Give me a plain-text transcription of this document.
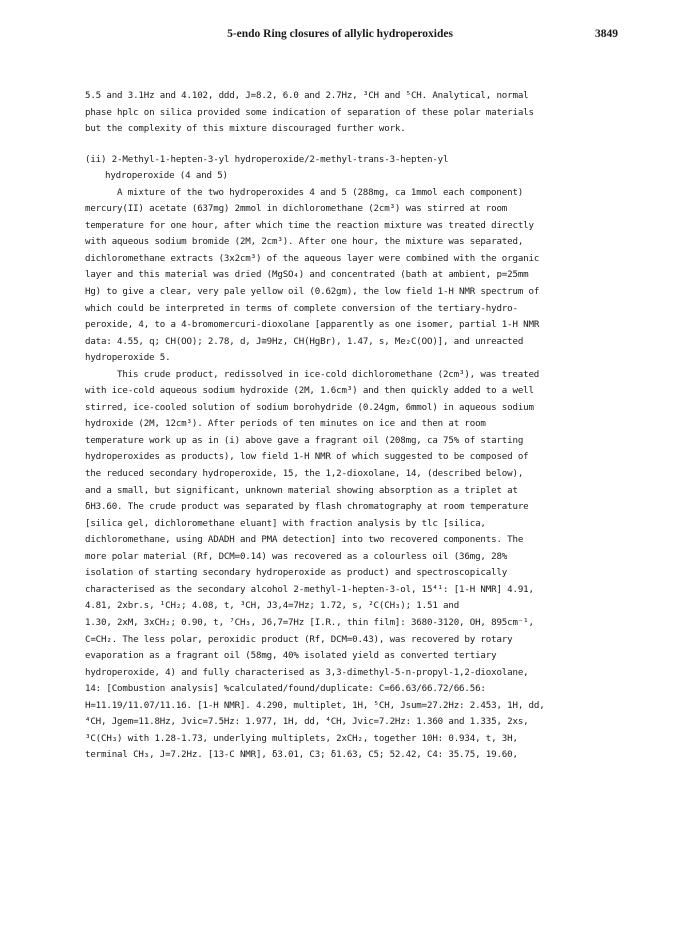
5-endo Ring closures of allylic hydroperoxides	3849
5.5 and 3.1Hz and 4.102, ddd, J=8.2, 6.0 and 2.7Hz, ³CH and ⁵CH. Analytical, normal
phase hplc on silica provided some indication of separation of these polar materials
but the complexity of this mixture discouraged further work.
(ii) 2-Methyl-1-hepten-3-yl hydroperoxide/2-methyl-trans-3-hepten-yl
hydroperoxide (4 and 5)
A mixture of the two hydroperoxides 4 and 5 (288mg, ca 1mmol each component)
mercury(II) acetate (637mg) 2mmol in dichloromethane (2cm³) was stirred at room
temperature for one hour, after which time the reaction mixture was treated directly
with aqueous sodium bromide (2M, 2cm³). After one hour, the mixture was separated,
dichloromethane extracts (3x2cm³) of the aqueous layer were combined with the organic
layer and this material was dried (MgSO₄) and concentrated (bath at ambient, p=25mm
Hg) to give a clear, very pale yellow oil (0.62gm), the low field 1-H NMR spectrum of
which could be interpreted in terms of complete conversion of the tertiary-hydro-
peroxide, 4, to a 4-bromomercuri-dioxolane [apparently as one isomer, partial 1-H NMR
data: 4.55, q; CH(OO); 2.78, d, J≅9Hz, CH(HgBr), 1.47, s, Me₂C(OO)], and unreacted
hydroperoxide 5.
This crude product, redissolved in ice-cold dichloromethane (2cm³), was treated
with ice-cold aqueous sodium hydroxide (2M, 1.6cm³) and then quickly added to a well
stirred, ice-cooled solution of sodium borohydride (0.24gm, 6mmol) in aqueous sodium
hydroxide (2M, 12cm³). After periods of ten minutes on ice and then at room
temperature work up as in (i) above gave a fragrant oil (208mg, ca 75% of starting
hydroperoxides as products), low field 1-H NMR of which suggested to be composed of
the reduced secondary hydroperoxide, 15, the 1,2-dioxolane, 14, (described below),
and a small, but significant, unknown material showing absorption as a triplet at
δH3.60. The crude product was separated by flash chromatography at room temperature
[silica gel, dichloromethane eluant] with fraction analysis by tlc [silica,
dichloromethane, using ADADH and PMA detection] into two recovered components. The
more polar material (Rf, DCM=0.14) was recovered as a colourless oil (36mg, 28%
isolation of starting secondary hydroperoxide as product) and spectroscopically
characterised as the secondary alcohol 2-methyl-1-hepten-3-ol, 15⁴¹: [1-H NMR] 4.91,
4.81, 2xbr.s, ¹CH₂; 4.08, t, ³CH, J3,4=7Hz; 1.72, s, ²C(CH₃); 1.51 and
1.30, 2xM, 3xCH₂; 0.90, t, ⁷CH₃, J6,7=7Hz [I.R., thin film]: 3680-3120, OH, 895cm⁻¹,
C=CH₂. The less polar, peroxidic product (Rf, DCM=0.43), was recovered by rotary
evaporation as a fragrant oil (58mg, 40% isolated yield as converted tertiary
hydroperoxide, 4) and fully characterised as 3,3-dimethyl-5-n-propyl-1,2-dioxolane,
14: [Combustion analysis] %calculated/found/duplicate: C=66.63/66.72/66.56:
H=11.19/11.07/11.16. [1-H NMR]. 4.290, multiplet, 1H, ⁵CH, Jsum=27.2Hz: 2.453, 1H, dd,
⁴CH, Jgem=11.8Hz, Jvic=7.5Hz: 1.977, 1H, dd, ⁴CH, Jvic=7.2Hz: 1.360 and 1.335, 2xs,
³C(CH₃) with 1.28-1.73, underlying multiplets, 2xCH₂, together 10H: 0.934, t, 3H,
terminal CH₃, J=7.2Hz. [13-C NMR], δ3.01, C3; δ1.63, C5; 52.42, C4: 35.75, 19.60,
